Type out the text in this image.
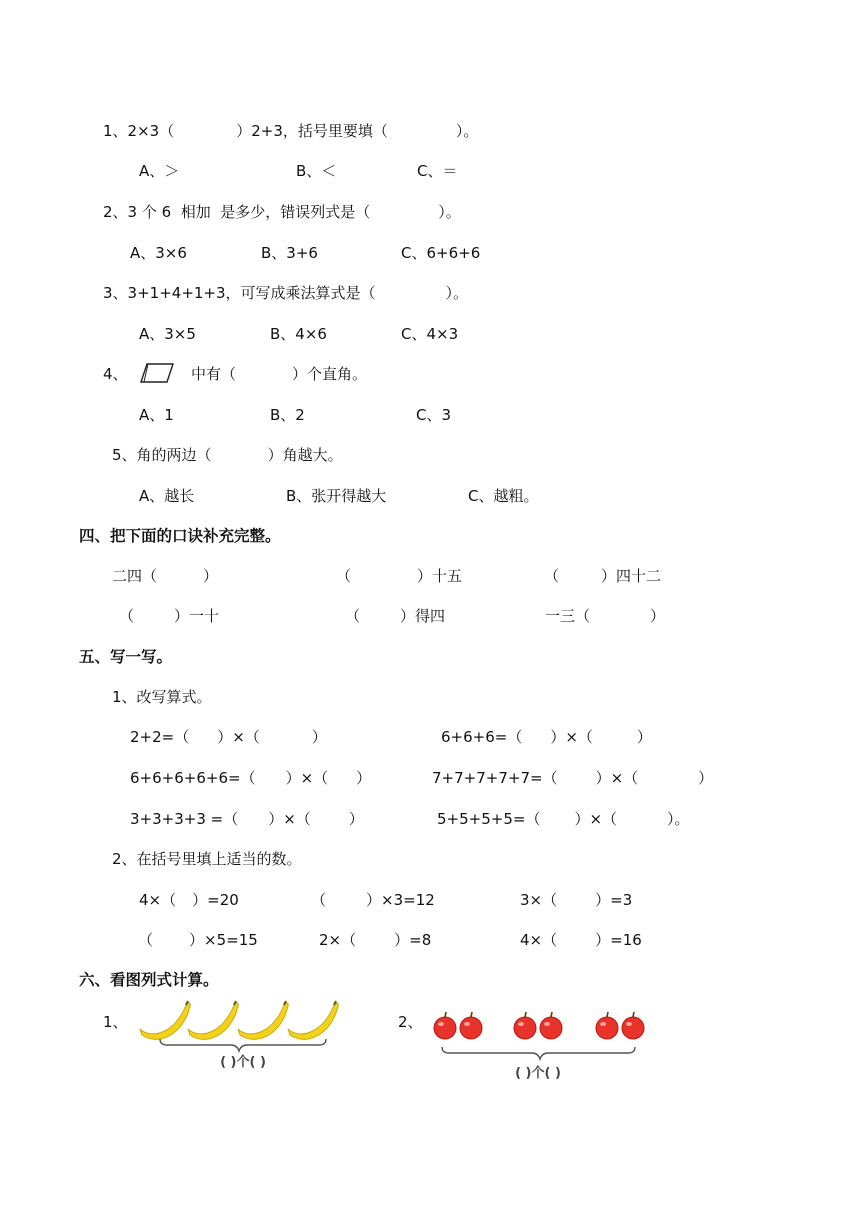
1、2×3（	）2+3，括号里要填（	）。
A、＞	B、＜	C、＝
2、3 个 6  相加  是多少，错误列式是（	）。
A、3×6	B、3+6	C、6+6+6
3、3+1+4+1+3，可写成乘法算式是（	）。
A、3×5	B、4×6	C、4×3
4、	中有（	）个直角。
A、1	B、2	C、3
5、角的两边（	）角越大。
A、越长	B、张开得越大	C、越粗。
四、把下面的口诀补充完整。
二四（	）	（	）十五	（	）四十二
（	）一十	（	）得四	一三（	）
五、写一写。
1、改写算式。
2+2=（ ）×（	）	6+6+6=（ ）×（	）
6+6+6+6+6=（ ）×（ ）	7+7+7+7+7=（	）×（	）
3+3+3+3 =（ ）×（	）	5+5+5+5=（ ）×（	）。
2、在括号里填上适当的数。
4×（ ）=20	（	）×3=12	3×（	）=3
（ ）×5=15	2×（	）=8	4×（	）=16
六、看图列式计算。
1、	2、
( )个( )
( )个( )
